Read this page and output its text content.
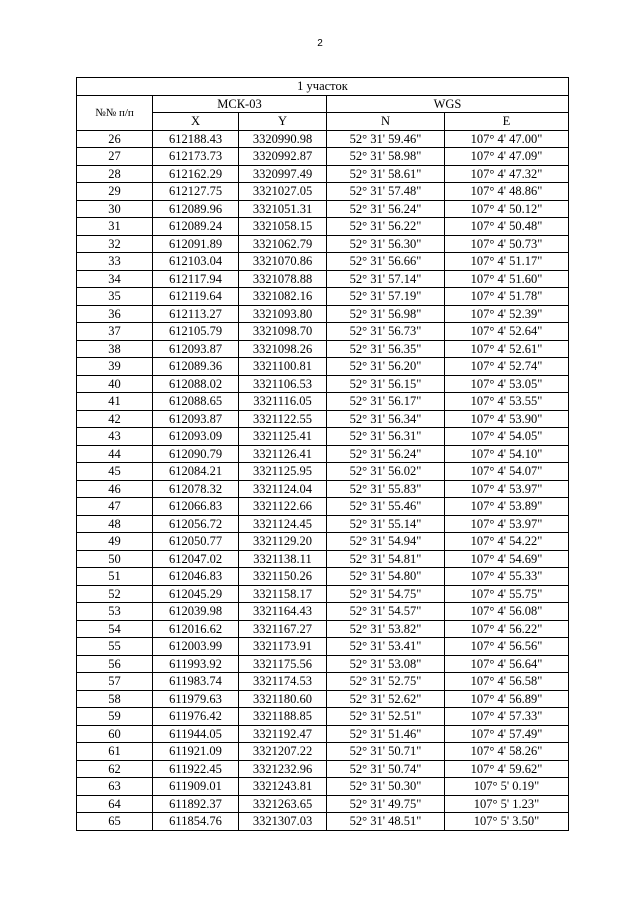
2
1 участок				
№№ п/п	МСК-03		WGS	
	X	Y	N	E
26	612188.43	3320990.98	52° 31' 59.46"	107° 4' 47.00"
27	612173.73	3320992.87	52° 31' 58.98"	107° 4' 47.09"
28	612162.29	3320997.49	52° 31' 58.61"	107° 4' 47.32"
29	612127.75	3321027.05	52° 31' 57.48"	107° 4' 48.86"
30	612089.96	3321051.31	52° 31' 56.24"	107° 4' 50.12"
31	612089.24	3321058.15	52° 31' 56.22"	107° 4' 50.48"
32	612091.89	3321062.79	52° 31' 56.30"	107° 4' 50.73"
33	612103.04	3321070.86	52° 31' 56.66"	107° 4' 51.17"
34	612117.94	3321078.88	52° 31' 57.14"	107° 4' 51.60"
35	612119.64	3321082.16	52° 31' 57.19"	107° 4' 51.78"
36	612113.27	3321093.80	52° 31' 56.98"	107° 4' 52.39"
37	612105.79	3321098.70	52° 31' 56.73"	107° 4' 52.64"
38	612093.87	3321098.26	52° 31' 56.35"	107° 4' 52.61"
39	612089.36	3321100.81	52° 31' 56.20"	107° 4' 52.74"
40	612088.02	3321106.53	52° 31' 56.15"	107° 4' 53.05"
41	612088.65	3321116.05	52° 31' 56.17"	107° 4' 53.55"
42	612093.87	3321122.55	52° 31' 56.34"	107° 4' 53.90"
43	612093.09	3321125.41	52° 31' 56.31"	107° 4' 54.05"
44	612090.79	3321126.41	52° 31' 56.24"	107° 4' 54.10"
45	612084.21	3321125.95	52° 31' 56.02"	107° 4' 54.07"
46	612078.32	3321124.04	52° 31' 55.83"	107° 4' 53.97"
47	612066.83	3321122.66	52° 31' 55.46"	107° 4' 53.89"
48	612056.72	3321124.45	52° 31' 55.14"	107° 4' 53.97"
49	612050.77	3321129.20	52° 31' 54.94"	107° 4' 54.22"
50	612047.02	3321138.11	52° 31' 54.81"	107° 4' 54.69"
51	612046.83	3321150.26	52° 31' 54.80"	107° 4' 55.33"
52	612045.29	3321158.17	52° 31' 54.75"	107° 4' 55.75"
53	612039.98	3321164.43	52° 31' 54.57"	107° 4' 56.08"
54	612016.62	3321167.27	52° 31' 53.82"	107° 4' 56.22"
55	612003.99	3321173.91	52° 31' 53.41"	107° 4' 56.56"
56	611993.92	3321175.56	52° 31' 53.08"	107° 4' 56.64"
57	611983.74	3321174.53	52° 31' 52.75"	107° 4' 56.58"
58	611979.63	3321180.60	52° 31' 52.62"	107° 4' 56.89"
59	611976.42	3321188.85	52° 31' 52.51"	107° 4' 57.33"
60	611944.05	3321192.47	52° 31' 51.46"	107° 4' 57.49"
61	611921.09	3321207.22	52° 31' 50.71"	107° 4' 58.26"
62	611922.45	3321232.96	52° 31' 50.74"	107° 4' 59.62"
63	611909.01	3321243.81	52° 31' 50.30"	107° 5' 0.19"
64	611892.37	3321263.65	52° 31' 49.75"	107° 5' 1.23"
65	611854.76	3321307.03	52° 31' 48.51"	107° 5' 3.50"
